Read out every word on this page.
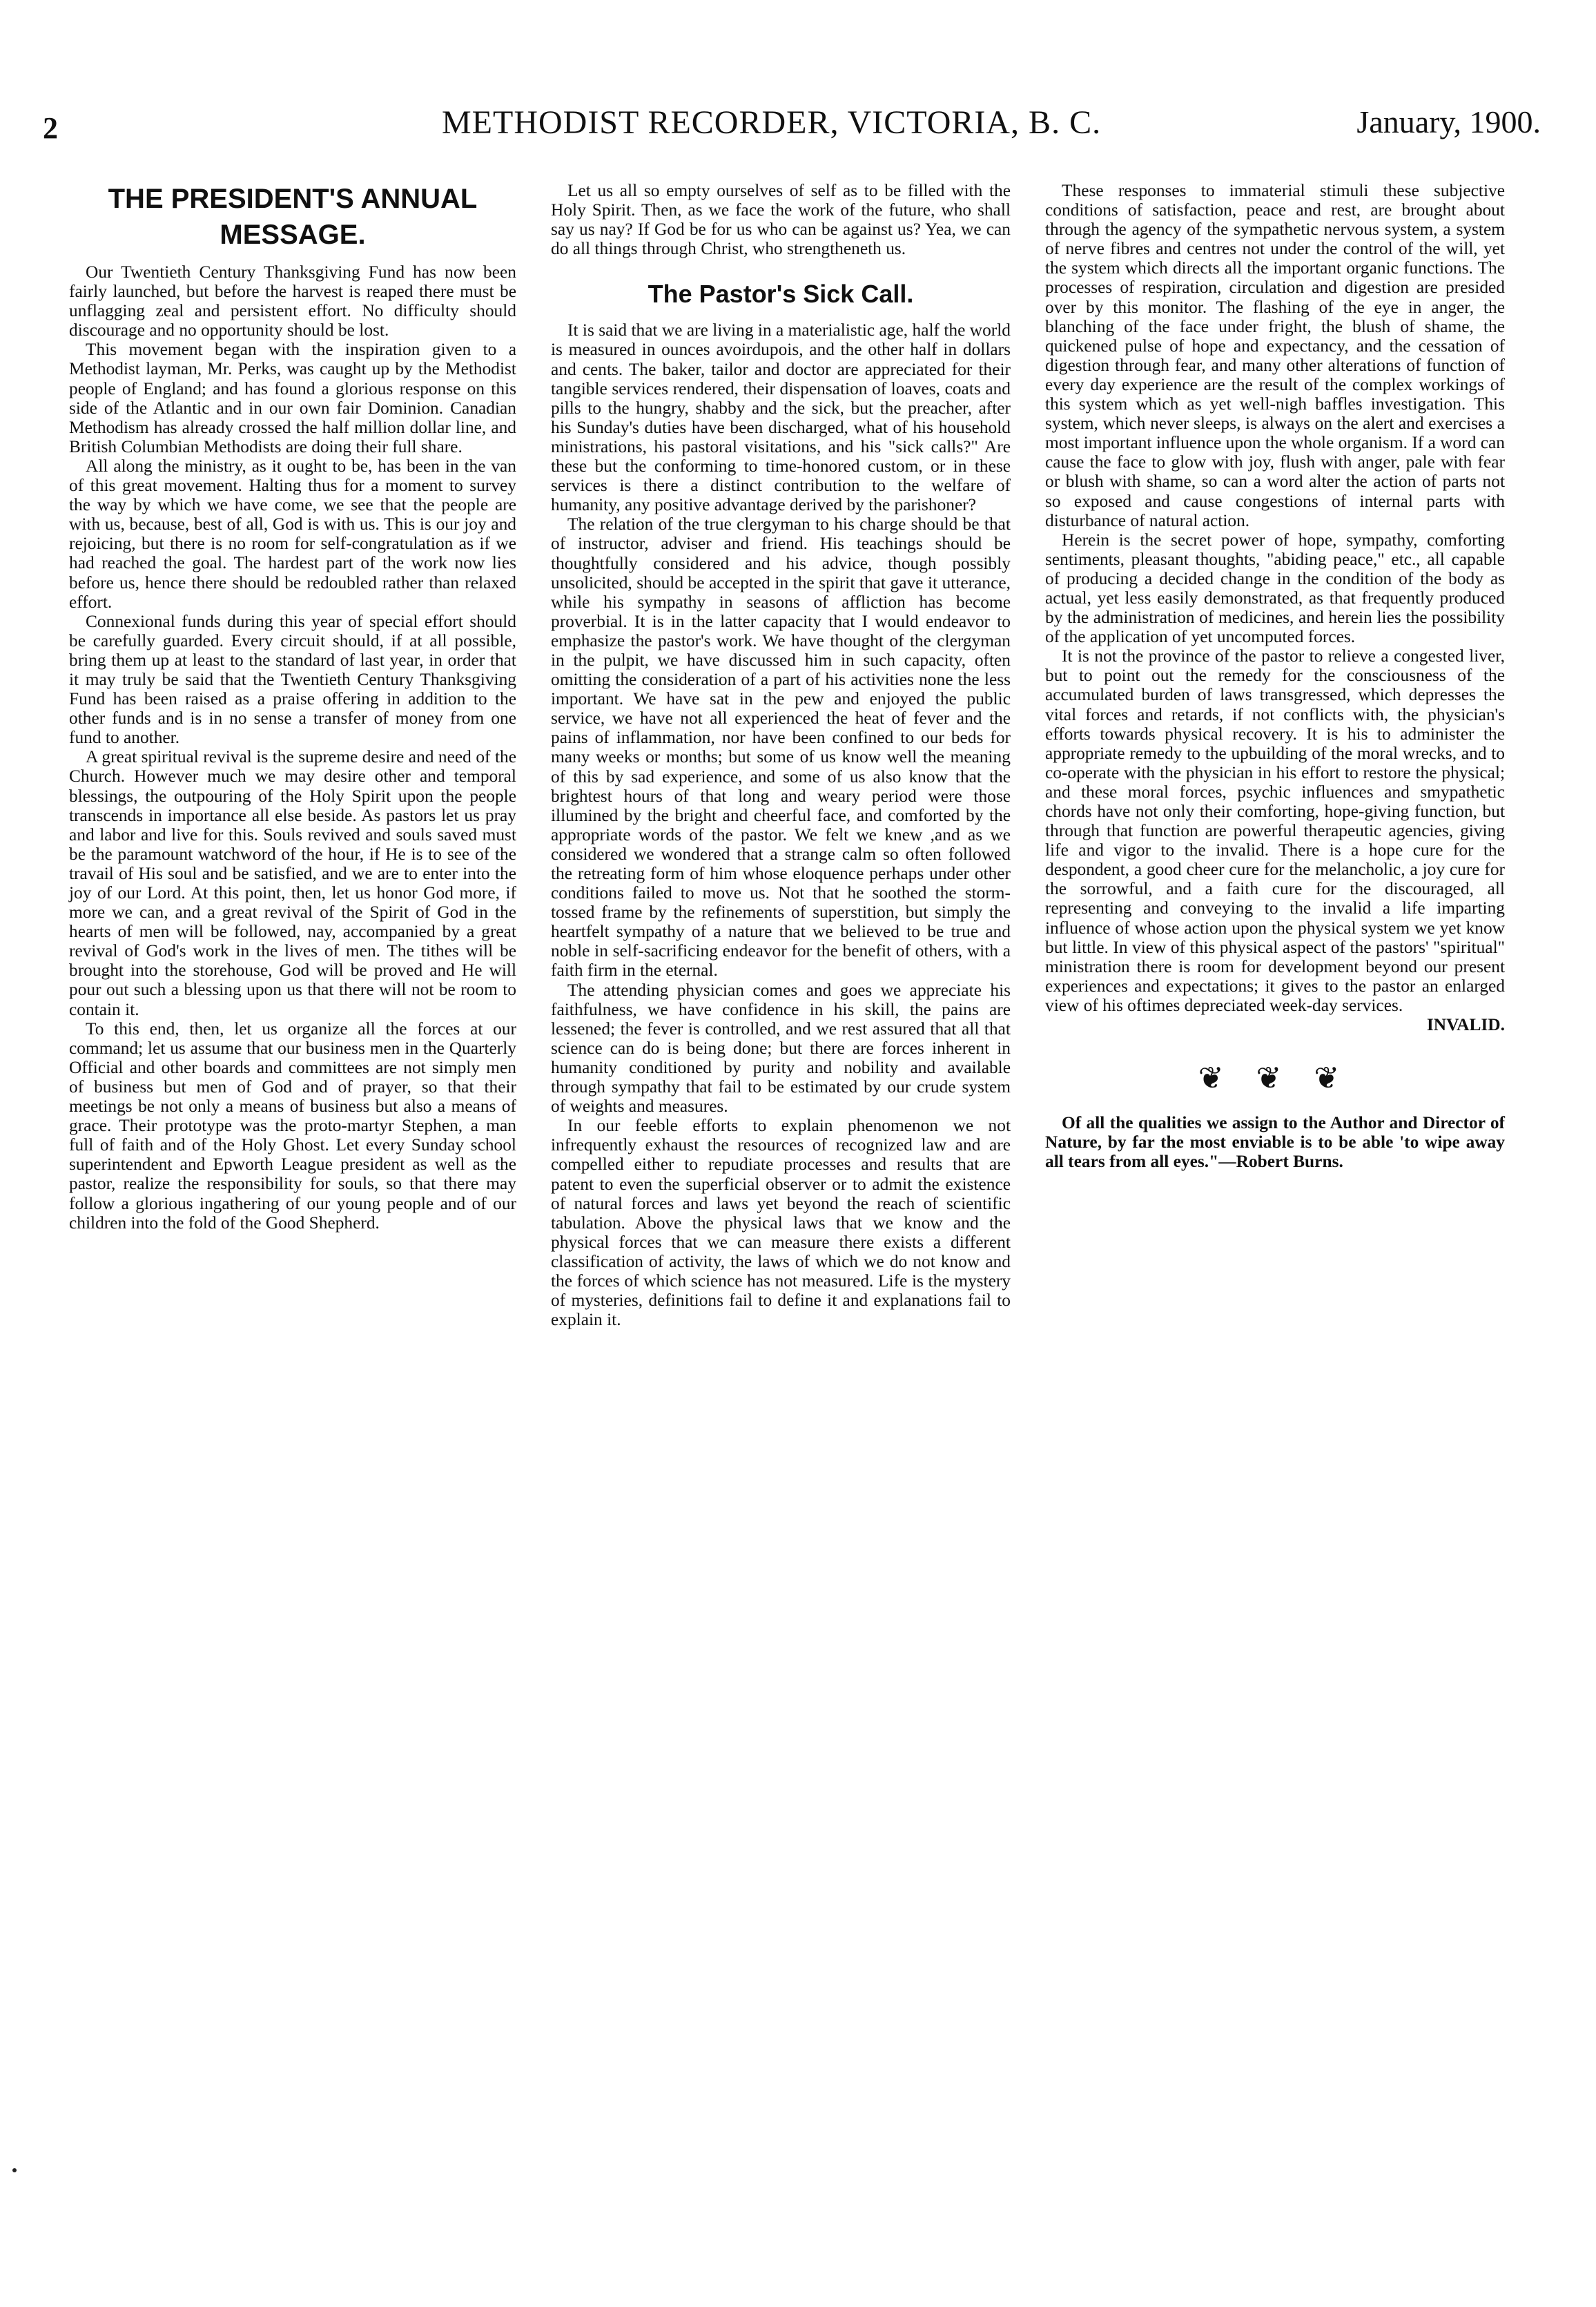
2	METHODIST RECORDER, VICTORIA, B. C.	January, 1900.
THE PRESIDENT'S ANNUAL MESSAGE.

Our Twentieth Century Thanksgiving Fund has now been fairly launched, but before the harvest is reaped there must be unflagging zeal and persistent effort. No difficulty should discourage and no opportunity should be lost.

This movement began with the inspiration given to a Methodist layman, Mr. Perks, was caught up by the Methodist people of England; and has found a glorious response on this side of the Atlantic and in our own fair Dominion. Canadian Methodism has already crossed the half million dollar line, and British Columbian Methodists are doing their full share.

All along the ministry, as it ought to be, has been in the van of this great movement. Halting thus for a moment to survey the way by which we have come, we see that the people are with us, because, best of all, God is with us. This is our joy and rejoicing, but there is no room for self-congratulation as if we had reached the goal. The hardest part of the work now lies before us, hence there should be redoubled rather than relaxed effort.

Connexional funds during this year of special effort should be carefully guarded. Every circuit should, if at all possible, bring them up at least to the standard of last year, in order that it may truly be said that the Twentieth Century Thanksgiving Fund has been raised as a praise offering in addition to the other funds and is in no sense a transfer of money from one fund to another.

A great spiritual revival is the supreme desire and need of the Church. However much we may desire other and temporal blessings, the outpouring of the Holy Spirit upon the people transcends in importance all else beside. As pastors let us pray and labor and live for this. Souls revived and souls saved must be the paramount watchword of the hour, if He is to see of the travail of His soul and be satisfied, and we are to enter into the joy of our Lord. At this point, then, let us honor God more, if more we can, and a great revival of the Spirit of God in the hearts of men will be followed, nay, accompanied by a great revival of God's work in the lives of men. The tithes will be brought into the storehouse, God will be proved and He will pour out such a blessing upon us that there will not be room to contain it.

To this end, then, let us organize all the forces at our command; let us assume that our business men in the Quarterly Official and other boards and committees are not simply men of business but men of God and of prayer, so that their meetings be not only a means of business but also a means of grace. Their prototype was the proto-martyr Stephen, a man full of faith and of the Holy Ghost. Let every Sunday school superintendent and Epworth League president as well as the pastor, realize the responsibility for souls, so that there may follow a glorious ingathering of our young people and of our children into the fold of the Good Shepherd.

Let us all so empty ourselves of self as to be filled with the Holy Spirit. Then, as we face the work of the future, who shall say us nay? If God be for us who can be against us? Yea, we can do all things through Christ, who strengtheneth us.

The Pastor's Sick Call.

It is said that we are living in a materialistic age, half the world is measured in ounces avoirdupois, and the other half in dollars and cents. The baker, tailor and doctor are appreciated for their tangible services rendered, their dispensation of loaves, coats and pills to the hungry, shabby and the sick, but the preacher, after his Sunday's duties have been discharged, what of his household ministrations, his pastoral visitations, and his "sick calls?" Are these but the conforming to time-honored custom, or in these services is there a distinct contribution to the welfare of humanity, any positive advantage derived by the parishoner?

The relation of the true clergyman to his charge should be that of instructor, adviser and friend. His teachings should be thoughtfully considered and his advice, though possibly unsolicited, should be accepted in the spirit that gave it utterance, while his sympathy in seasons of affliction has become proverbial. It is in the latter capacity that I would endeavor to emphasize the pastor's work. We have thought of the clergyman in the pulpit, we have discussed him in such capacity, often omitting the consideration of a part of his activities none the less important. We have sat in the pew and enjoyed the public service, we have not all experienced the heat of fever and the pains of inflammation, nor have been confined to our beds for many weeks or months; but some of us know well the meaning of this by sad experience, and some of us also know that the brightest hours of that long and weary period were those illumined by the bright and cheerful face, and comforted by the appropriate words of the pastor. We felt we knew ,and as we considered we wondered that a strange calm so often followed the retreating form of him whose eloquence perhaps under other conditions failed to move us. Not that he soothed the storm-tossed frame by the refinements of superstition, but simply the heartfelt sympathy of a nature that we believed to be true and noble in self-sacrificing endeavor for the benefit of others, with a faith firm in the eternal.

The attending physician comes and goes we appreciate his faithfulness, we have confidence in his skill, the pains are lessened; the fever is controlled, and we rest assured that all that science can do is being done; but there are forces inherent in humanity conditioned by purity and nobility and available through sympathy that fail to be estimated by our crude system of weights and measures.

In our feeble efforts to explain phenomenon we not infrequently exhaust the resources of recognized law and are compelled either to repudiate processes and results that are patent to even the superficial observer or to admit the existence of natural forces and laws yet beyond the reach of scientific tabulation. Above the physical laws that we know and the physical forces that we can measure there exists a different classification of activity, the laws of which we do not know and the forces of which science has not measured. Life is the mystery of mysteries, definitions fail to define it and explanations fail to explain it.

These responses to immaterial stimuli these subjective conditions of satisfaction, peace and rest, are brought about through the agency of the sympathetic nervous system, a system of nerve fibres and centres not under the control of the will, yet the system which directs all the important organic functions. The processes of respiration, circulation and digestion are presided over by this monitor. The flashing of the eye in anger, the blanching of the face under fright, the blush of shame, the quickened pulse of hope and expectancy, and the cessation of digestion through fear, and many other alterations of function of every day experience are the result of the complex workings of this system which as yet well-nigh baffles investigation. This system, which never sleeps, is always on the alert and exercises a most important influence upon the whole organism. If a word can cause the face to glow with joy, flush with anger, pale with fear or blush with shame, so can a word alter the action of parts not so exposed and cause congestions of internal parts with disturbance of natural action.

Herein is the secret power of hope, sympathy, comforting sentiments, pleasant thoughts, "abiding peace," etc., all capable of producing a decided change in the condition of the body as actual, yet less easily demonstrated, as that frequently produced by the administration of medicines, and herein lies the possibility of the application of yet uncomputed forces.

It is not the province of the pastor to relieve a congested liver, but to point out the remedy for the consciousness of the accumulated burden of laws transgressed, which depresses the vital forces and retards, if not conflicts with, the physician's efforts towards physical recovery. It is his to administer the appropriate remedy to the upbuilding of the moral wrecks, and to co-operate with the physician in his effort to restore the physical; and these moral forces, psychic influences and smypathetic chords have not only their comforting, hope-giving function, but through that function are powerful therapeutic agencies, giving life and vigor to the invalid. There is a hope cure for the despondent, a good cheer cure for the melancholic, a joy cure for the sorrowful, and a faith cure for the discouraged, all representing and conveying to the invalid a life imparting influence of whose action upon the physical system we yet know but little. In view of this physical aspect of the pastors' "spiritual" ministration there is room for development beyond our present experiences and expectations; it gives to the pastor an enlarged view of his oftimes depreciated week-day services.

INVALID.

❦ ❦ ❦

Of all the qualities we assign to the Author and Director of Nature, by far the most enviable is to be able 'to wipe away all tears from all eyes."—Robert Burns.
